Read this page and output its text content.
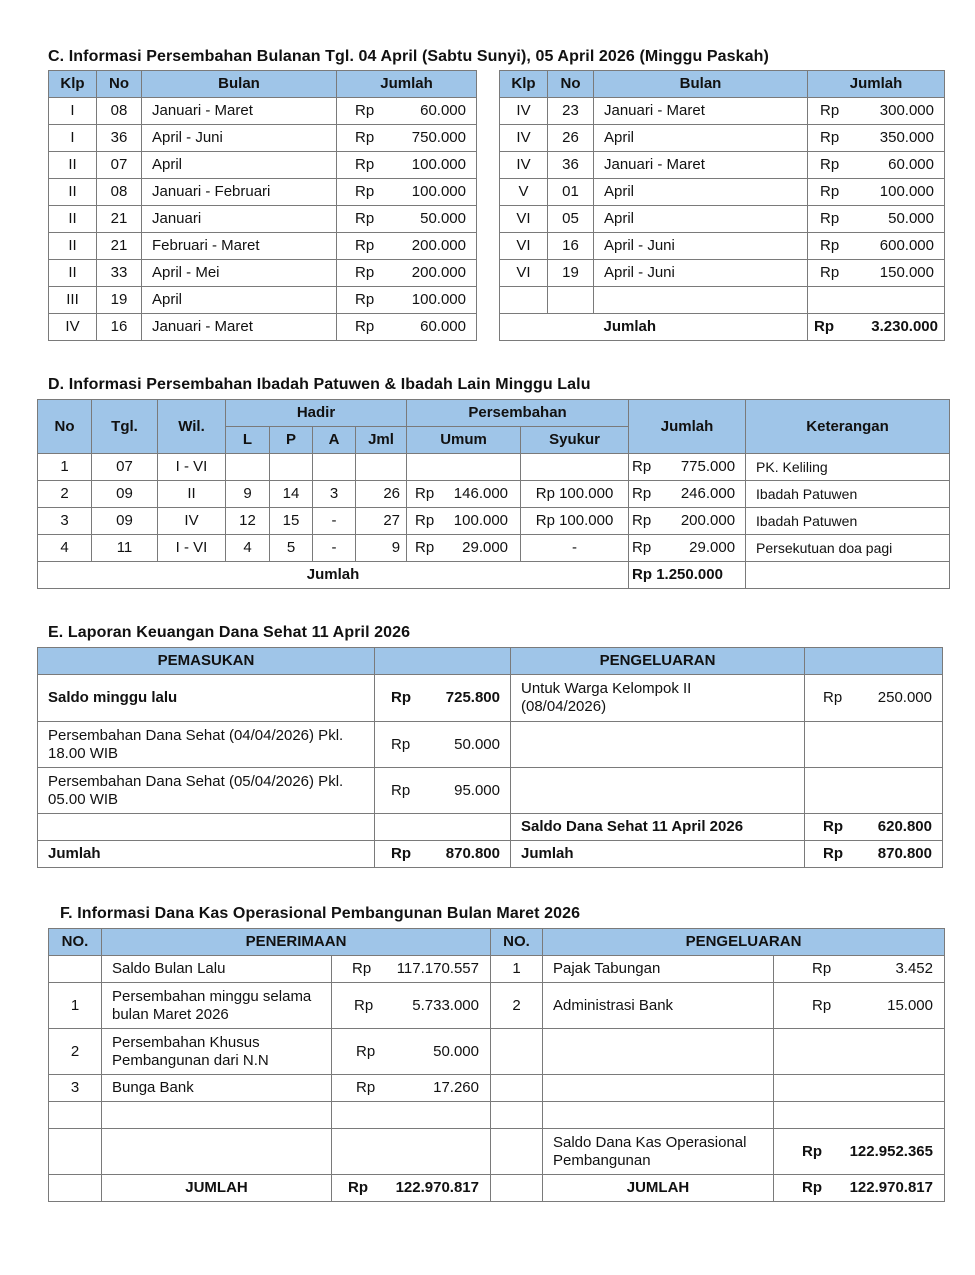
C. Informasi Persembahan Bulanan Tgl. 04 April (Sabtu Sunyi), 05 April 2026 (Minggu Paskah)
Klp	No	Bulan	Jumlah
I	08	Januari - Maret	Rp 60.000

I	36	April - Juni	Rp 750.000

II	07	April	Rp 100.000

II	08	Januari - Februari	Rp 100.000

II	21	Januari	Rp 50.000

II	21	Februari - Maret	Rp 200.000

II	33	April - Mei	Rp 200.000

III	19	April	Rp 100.000

IV	16	Januari - Maret	Rp 60.000
Klp	No	Bulan	Jumlah
IV	23	Januari - Maret	Rp 300.000

IV	26	April	Rp 350.000

IV	36	Januari - Maret	Rp 60.000

V	01	April	Rp 100.000

VI	05	April	Rp 50.000

VI	16	April - Juni	Rp 600.000

VI	19	April - Juni	Rp 150.000

		Jumlah	Rp 3.230.000
D. Informasi Persembahan Ibadah Patuwen & Ibadah Lain Minggu Lalu
No	Tgl.	Wil.	Hadir				Persembahan		Jumlah	Keterangan
			L	P	A	Jml	Umum	Syukur		
1	07	I - VI							Rp 775.000	PK. Keliling
2	09	II	9	14	3	26	Rp 146.000	Rp 100.000	Rp 246.000	Ibadah Patuwen
3	09	IV	12	15	-	27	Rp 100.000	Rp 100.000	Rp 200.000	Ibadah Patuwen
4	11	I - VI	4	5	-	9	Rp 29.000	-	Rp 29.000	Persekutuan doa pagi
Jumlah									Rp 1.250.000	
E. Laporan Keuangan Dana Sehat 11 April 2026
PEMASUKAN		PENGELUARAN	
Saldo minggu lalu	Rp 725.800	Untuk Warga Kelompok II (08/04/2026)	Rp 250.000

Persembahan Dana Sehat (04/04/2026) Pkl. 18.00 WIB	Rp 50.000		

Persembahan Dana Sehat (05/04/2026) Pkl. 05.00 WIB	Rp 95.000		

		Saldo Dana Sehat 11 April 2026	Rp 620.800

Jumlah	Rp 870.800	Jumlah	Rp 870.800
F. Informasi Dana Kas Operasional Pembangunan Bulan Maret 2026
NO.	PENERIMAAN		NO.	PENGELUARAN	
	Saldo Bulan Lalu	Rp 117.170.557	1	Pajak Tabungan	Rp 3.452

1	Persembahan minggu selama bulan Maret 2026	Rp 5.733.000	2	Administrasi Bank	Rp 15.000

2	Persembahan Khusus Pembangunan dari N.N	Rp 50.000			

3	Bunga Bank	Rp 17.260			

				Saldo Dana Kas Operasional Pembangunan	Rp 122.952.365

	JUMLAH	Rp 122.970.817		JUMLAH	Rp 122.970.817
